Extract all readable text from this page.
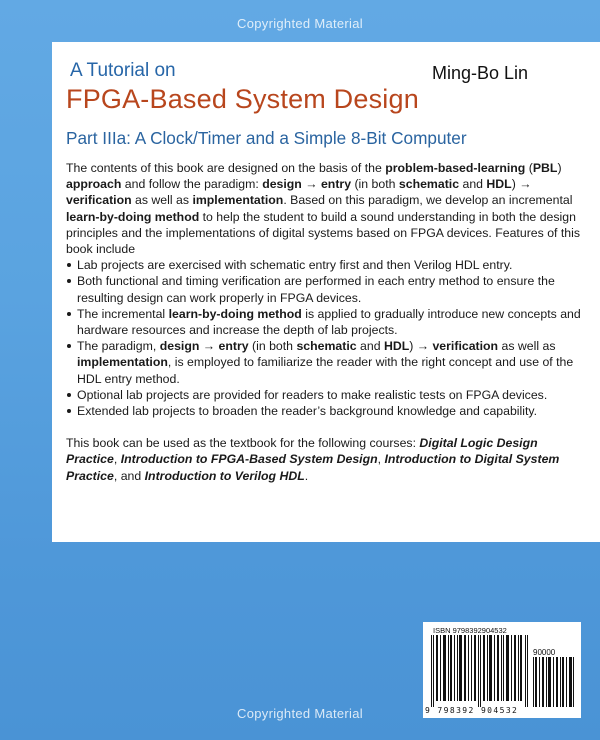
Copyrighted Material
A Tutorial on	Ming-Bo Lin
FPGA-Based System Design
Part IIIa: A Clock/Timer and a Simple 8-Bit Computer

The contents of this book are designed on the basis of the problem-based-learning (PBL) approach and follow the paradigm: design → entry (in both schematic and HDL) → verification as well as implementation. Based on this paradigm, we develop an incremental learn-by-doing method to help the student to build a sound understanding in both the design principles and the implementations of digital systems based on FPGA devices. Features of this book include

Lab projects are exercised with schematic entry first and then Verilog HDL entry.
Both functional and timing verification are performed in each entry method to ensure the resulting design can work properly in FPGA devices.
The incremental learn-by-doing method is applied to gradually introduce new concepts and hardware resources and increase the depth of lab projects.
The paradigm, design → entry (in both schematic and HDL) → verification as well as implementation, is employed to familiarize the reader with the right concept and use of the HDL entry method.
Optional lab projects are provided for readers to make realistic tests on FPGA devices.
Extended lab projects to broaden the reader’s background knowledge and capability.

This book can be used as the textbook for the following courses: Digital Logic Design Practice, Introduction to FPGA-Based System Design, Introduction to Digital System Practice, and Introduction to Verilog HDL.

ISBN 9798392904532
90000
9 798392 904532
Copyrighted Material
